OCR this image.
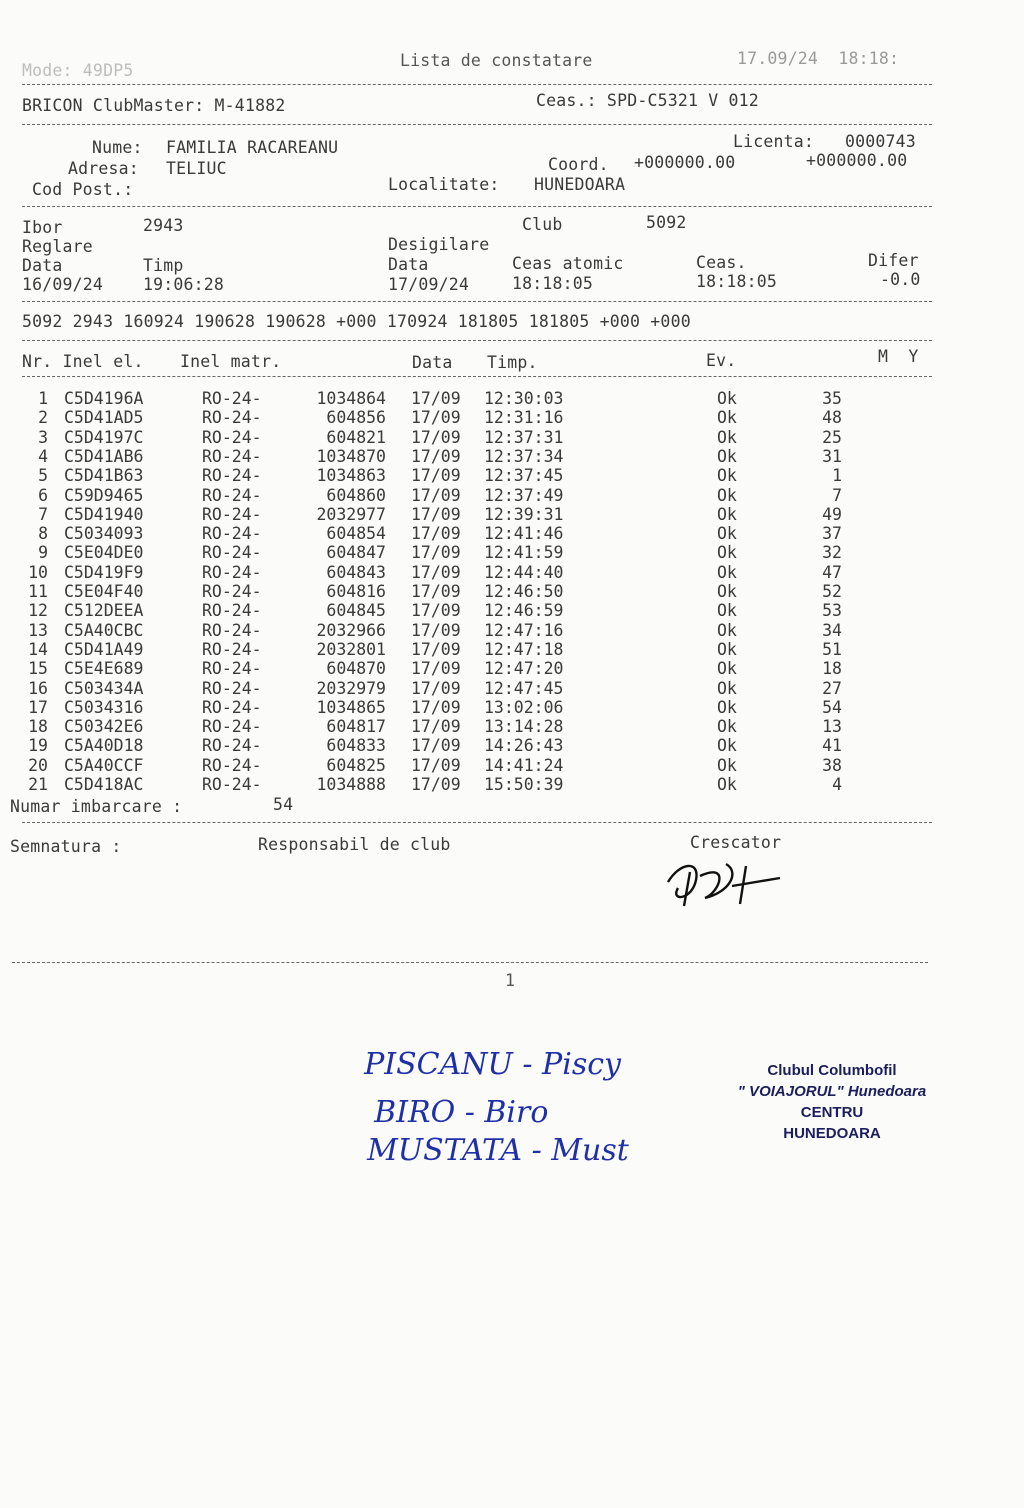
Mode: 49DP5
Lista de constatare	17.09/24  18:18:
BRICON ClubMaster: M-41882	Ceas.: SPD-C5321 V 012
Nume: FAMILIA RACAREANU	Licenta: 0000743
Adresa: TELIUC	Coord. +000000.00	+000000.00
Cod Post.:	Localitate: HUNEDOARA
Ibor	2943	Club	5092
Reglare	Desigilare
Data	Timp	Data	Ceas atomic	Ceas.	Difer
16/09/24 19:06:28	17/09/24	18:18:05	18:18:05	-0.0
5092 2943 160924 190628 190628 +000 170924 181805 181805 +000 +000
Nr. Inel el. Inel matr.	Data Timp.	Ev.	M  Y
1 C5D4196A	RO-24-	1034864 17/09	12:30:03	Ok	35
2 C5D41AD5	RO-24-	604856 17/09	12:31:16	Ok	48
3 C5D4197C	RO-24-	604821 17/09	12:37:31	Ok	25
4 C5D41AB6	RO-24-	1034870 17/09	12:37:34	Ok	31
5 C5D41B63	RO-24-	1034863 17/09	12:37:45	Ok	1
6 C59D9465	RO-24-	604860 17/09	12:37:49	Ok	7
7 C5D41940	RO-24-	2032977 17/09	12:39:31	Ok	49
8 C5034093	RO-24-	604854 17/09	12:41:46	Ok	37
9 C5E04DE0	RO-24-	604847 17/09	12:41:59	Ok	32
10 C5D419F9	RO-24-	604843 17/09	12:44:40	Ok	47
11 C5E04F40	RO-24-	604816 17/09	12:46:50	Ok	52
12 C512DEEA	RO-24-	604845 17/09	12:46:59	Ok	53
13 C5A40CBC	RO-24-	2032966 17/09	12:47:16	Ok	34
14 C5D41A49	RO-24-	2032801 17/09	12:47:18	Ok	51
15 C5E4E689	RO-24-	604870 17/09	12:47:20	Ok	18
16 C503434A	RO-24-	2032979 17/09	12:47:45	Ok	27
17 C5034316	RO-24-	1034865 17/09	13:02:06	Ok	54
18 C50342E6	RO-24-	604817 17/09	13:14:28	Ok	13
19 C5A40D18	RO-24-	604833 17/09	14:26:43	Ok	41
20 C5A40CCF	RO-24-	604825 17/09	14:41:24	Ok	38
21 C5D418AC	RO-24-	1034888 17/09	15:50:39	Ok	4
Numar imbarcare :	54
Semnatura :	Responsabil de club	Crescator
1

PISCANU - Piscy

BIRO - Biro

MUSTATA - Must

Clubul Columbofil
" VOIAJORUL" Hunedoara
CENTRU
HUNEDOARA
